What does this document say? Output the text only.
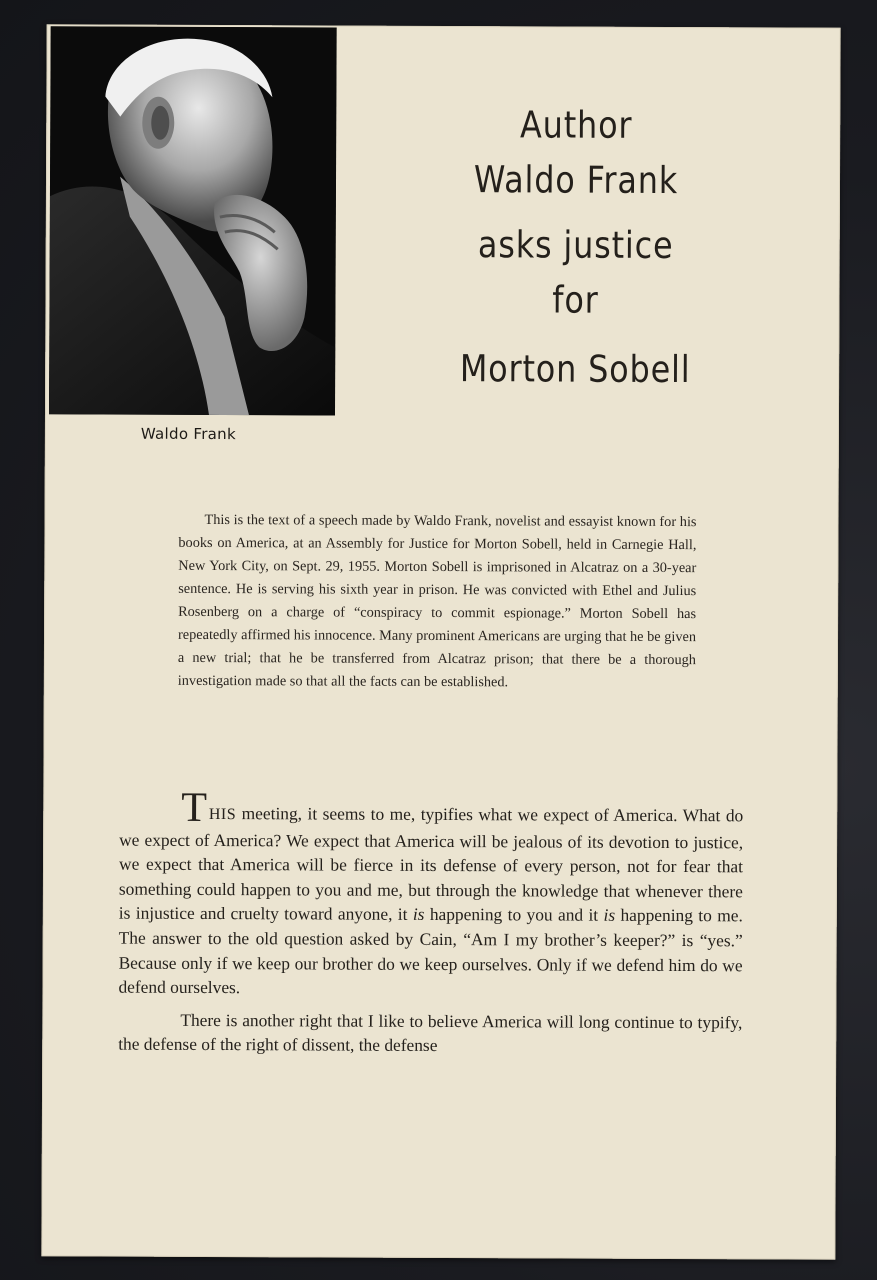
Waldo Frank
Author
Waldo Frank
asks justice
for
Morton Sobell
This is the text of a speech made by Waldo Frank, novelist and essayist known for his books on America, at an Assembly for Justice for Morton Sobell, held in Carnegie Hall, New York City, on Sept. 29, 1955. Morton Sobell is imprisoned in Alcatraz on a 30-year sentence. He is serving his sixth year in prison. He was convicted with Ethel and Julius Rosenberg on a charge of “conspiracy to commit espionage.” Morton Sobell has repeatedly affirmed his innocence. Many prominent Americans are urging that he be given a new trial; that he be transferred from Alcatraz prison; that there be a thorough investigation made so that all the facts can be established.

THIS meeting, it seems to me, typifies what we expect of America. What do we expect of America? We expect that America will be jealous of its devotion to justice, we expect that America will be fierce in its defense of every person, not for fear that something could happen to you and me, but through the knowledge that whenever there is injustice and cruelty toward anyone, it is happening to you and it is happening to me. The answer to the old question asked by Cain, “Am I my brother’s keeper?” is “yes.” Because only if we keep our brother do we keep ourselves. Only if we defend him do we defend ourselves.

There is another right that I like to believe America will long continue to typify, the defense of the right of dissent, the defense
